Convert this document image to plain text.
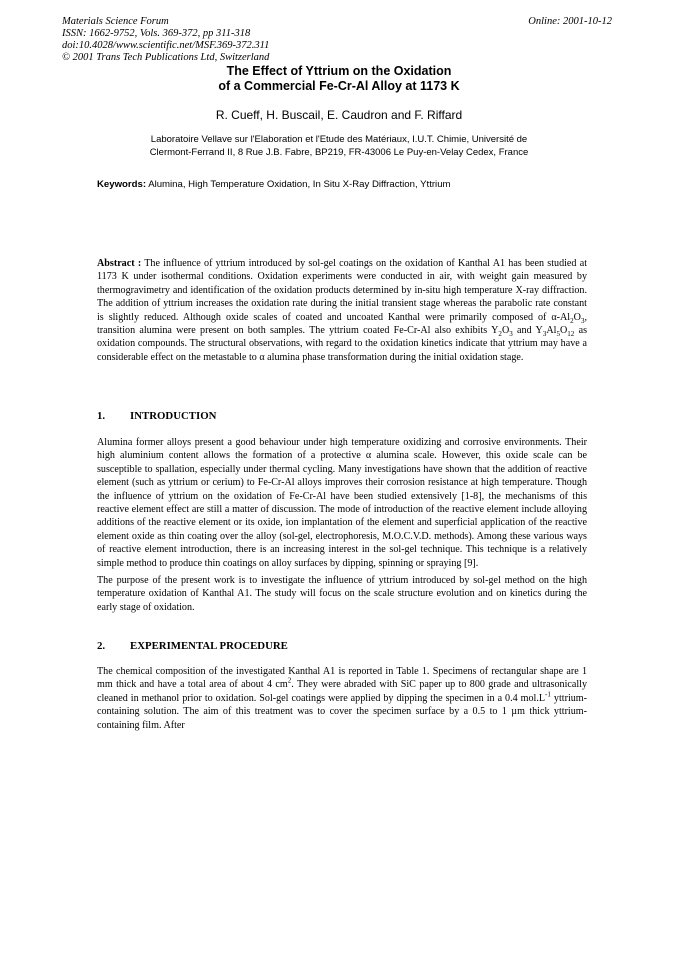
Materials Science Forum
ISSN: 1662-9752, Vols. 369-372, pp 311-318
doi:10.4028/www.scientific.net/MSF.369-372.311
© 2001 Trans Tech Publications Ltd, Switzerland
Online: 2001-10-12
The Effect of Yttrium on the Oxidation
of a Commercial Fe-Cr-Al Alloy at 1173 K
R. Cueff, H. Buscail, E. Caudron and F. Riffard
Laboratoire Vellave sur l'Elaboration et l'Etude des Matériaux, I.U.T. Chimie, Université de
Clermont-Ferrand II, 8 Rue J.B. Fabre, BP219, FR-43006 Le Puy-en-Velay Cedex, France
Keywords: Alumina, High Temperature Oxidation, In Situ X-Ray Diffraction, Yttrium

Abstract : The influence of yttrium introduced by sol-gel coatings on the oxidation of Kanthal A1 has been studied at 1173 K under isothermal conditions. Oxidation experiments were conducted in air, with weight gain measured by thermogravimetry and identification of the oxidation products determined by in-situ high temperature X-ray diffraction. The addition of yttrium increases the oxidation rate during the initial transient stage whereas the parabolic rate constant is slightly reduced. Although oxide scales of coated and uncoated Kanthal were primarily composed of $\alpha-Al_2O_3$, transition alumina were present on both samples. The yttrium coated Fe-Cr-Al also exhibits $Y_2O_3$ and $Y_3Al_5O_{12}$ as oxidation compounds. The structural observations, with regard to the oxidation kinetics indicate that yttrium may have a considerable effect on the metastable to α alumina phase transformation during the initial oxidation stage.

1. INTRODUCTION

Alumina former alloys present a good behaviour under high temperature oxidizing and corrosive environments. Their high aluminium content allows the formation of a protective α alumina scale. However, this oxide scale can be susceptible to spallation, especially under thermal cycling. Many investigations have shown that the addition of reactive element (such as yttrium or cerium) to Fe-Cr-Al alloys improves their corrosion resistance at high temperature. Though the influence of yttrium on the oxidation of Fe-Cr-Al have been studied extensively [1-8], the mechanisms of this reactive element effect are still a matter of discussion. The mode of introduction of the reactive element include alloying additions of the reactive element or its oxide, ion implantation of the element and superficial application of the reactive element oxide as thin coating over the alloy (sol-gel, electrophoresis, M.O.C.V.D. methods). Among these various ways of reactive element introduction, there is an increasing interest in the sol-gel technique. This technique is a relatively simple method to produce thin coatings on alloy surfaces by dipping, spinning or spraying [9].

The purpose of the present work is to investigate the influence of yttrium introduced by sol-gel method on the high temperature oxidation of Kanthal A1. The study will focus on the scale structure evolution and on kinetics during the early stage of oxidation.

2. EXPERIMENTAL PROCEDURE

The chemical composition of the investigated Kanthal A1 is reported in Table 1. Specimens of rectangular shape are 1 mm thick and have a total area of about 4 $cm^2$. They were abraded with SiC paper up to 800 grade and ultrasonically cleaned in methanol prior to oxidation. Sol-gel coatings were applied by dipping the specimen in a 0.4 $mol.L^{-1}$ yttrium-containing solution. The aim of this treatment was to cover the specimen surface by a 0.5 to 1 µm thick yttrium-containing film. After
